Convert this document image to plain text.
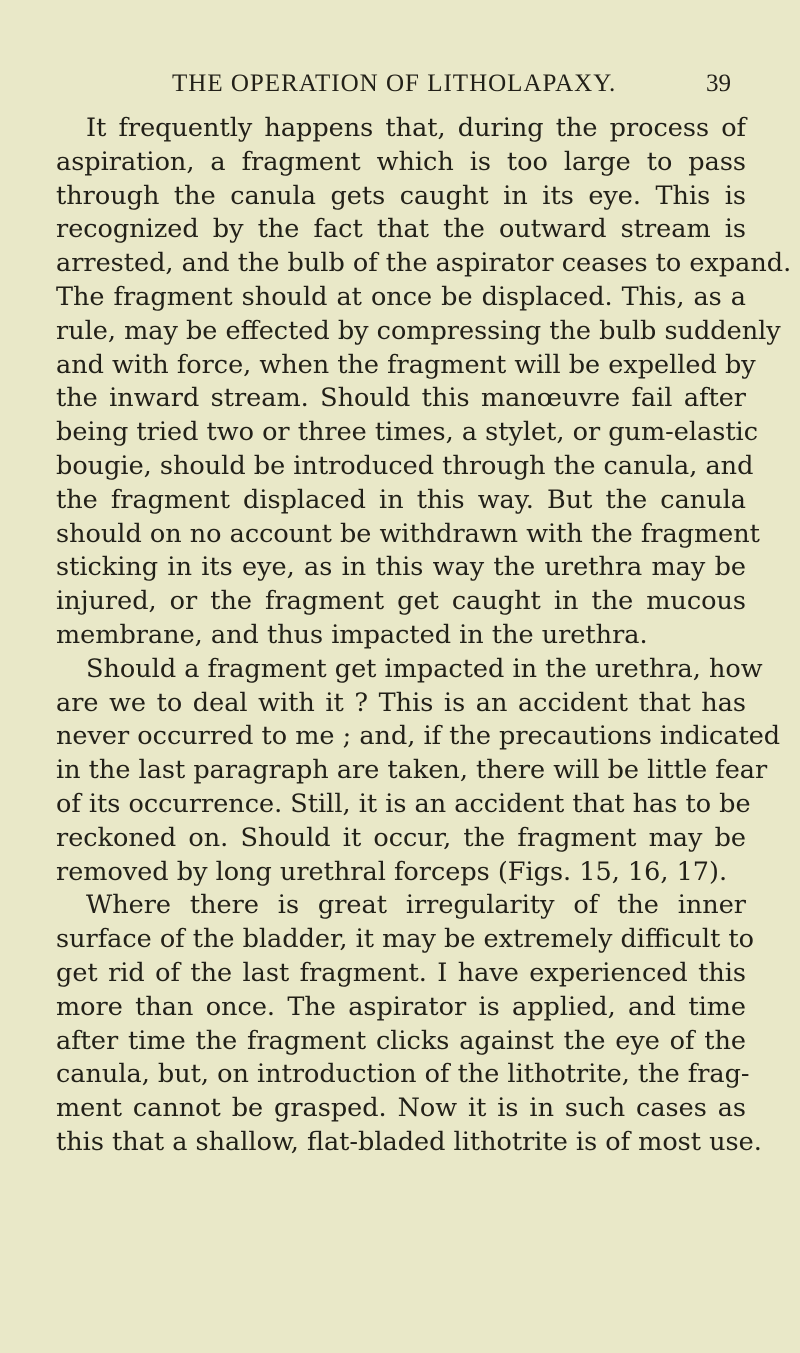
THE OPERATION OF LITHOLAPAXY.	39
It frequently happens that, during the process of
aspiration, a fragment which is too large to pass
through the canula gets caught in its eye. This is
recognized by the fact that the outward stream is
arrested, and the bulb of the aspirator ceases to expand.
The fragment should at once be displaced. This, as a
rule, may be effected by compressing the bulb suddenly
and with force, when the fragment will be expelled by
the inward stream. Should this manœuvre fail after
being tried two or three times, a stylet, or gum-elastic
bougie, should be introduced through the canula, and
the fragment displaced in this way. But the canula
should on no account be withdrawn with the fragment
sticking in its eye, as in this way the urethra may be
injured, or the fragment get caught in the mucous
membrane, and thus impacted in the urethra.
Should a fragment get impacted in the urethra, how
are we to deal with it ? This is an accident that has
never occurred to me ; and, if the precautions indicated
in the last paragraph are taken, there will be little fear
of its occurrence. Still, it is an accident that has to be
reckoned on. Should it occur, the fragment may be
removed by long urethral forceps (Figs. 15, 16, 17).
Where there is great irregularity of the inner
surface of the bladder, it may be extremely difficult to
get rid of the last fragment. I have experienced this
more than once. The aspirator is applied, and time
after time the fragment clicks against the eye of the
canula, but, on introduction of the lithotrite, the frag-
ment cannot be grasped. Now it is in such cases as
this that a shallow, flat-bladed lithotrite is of most use.
